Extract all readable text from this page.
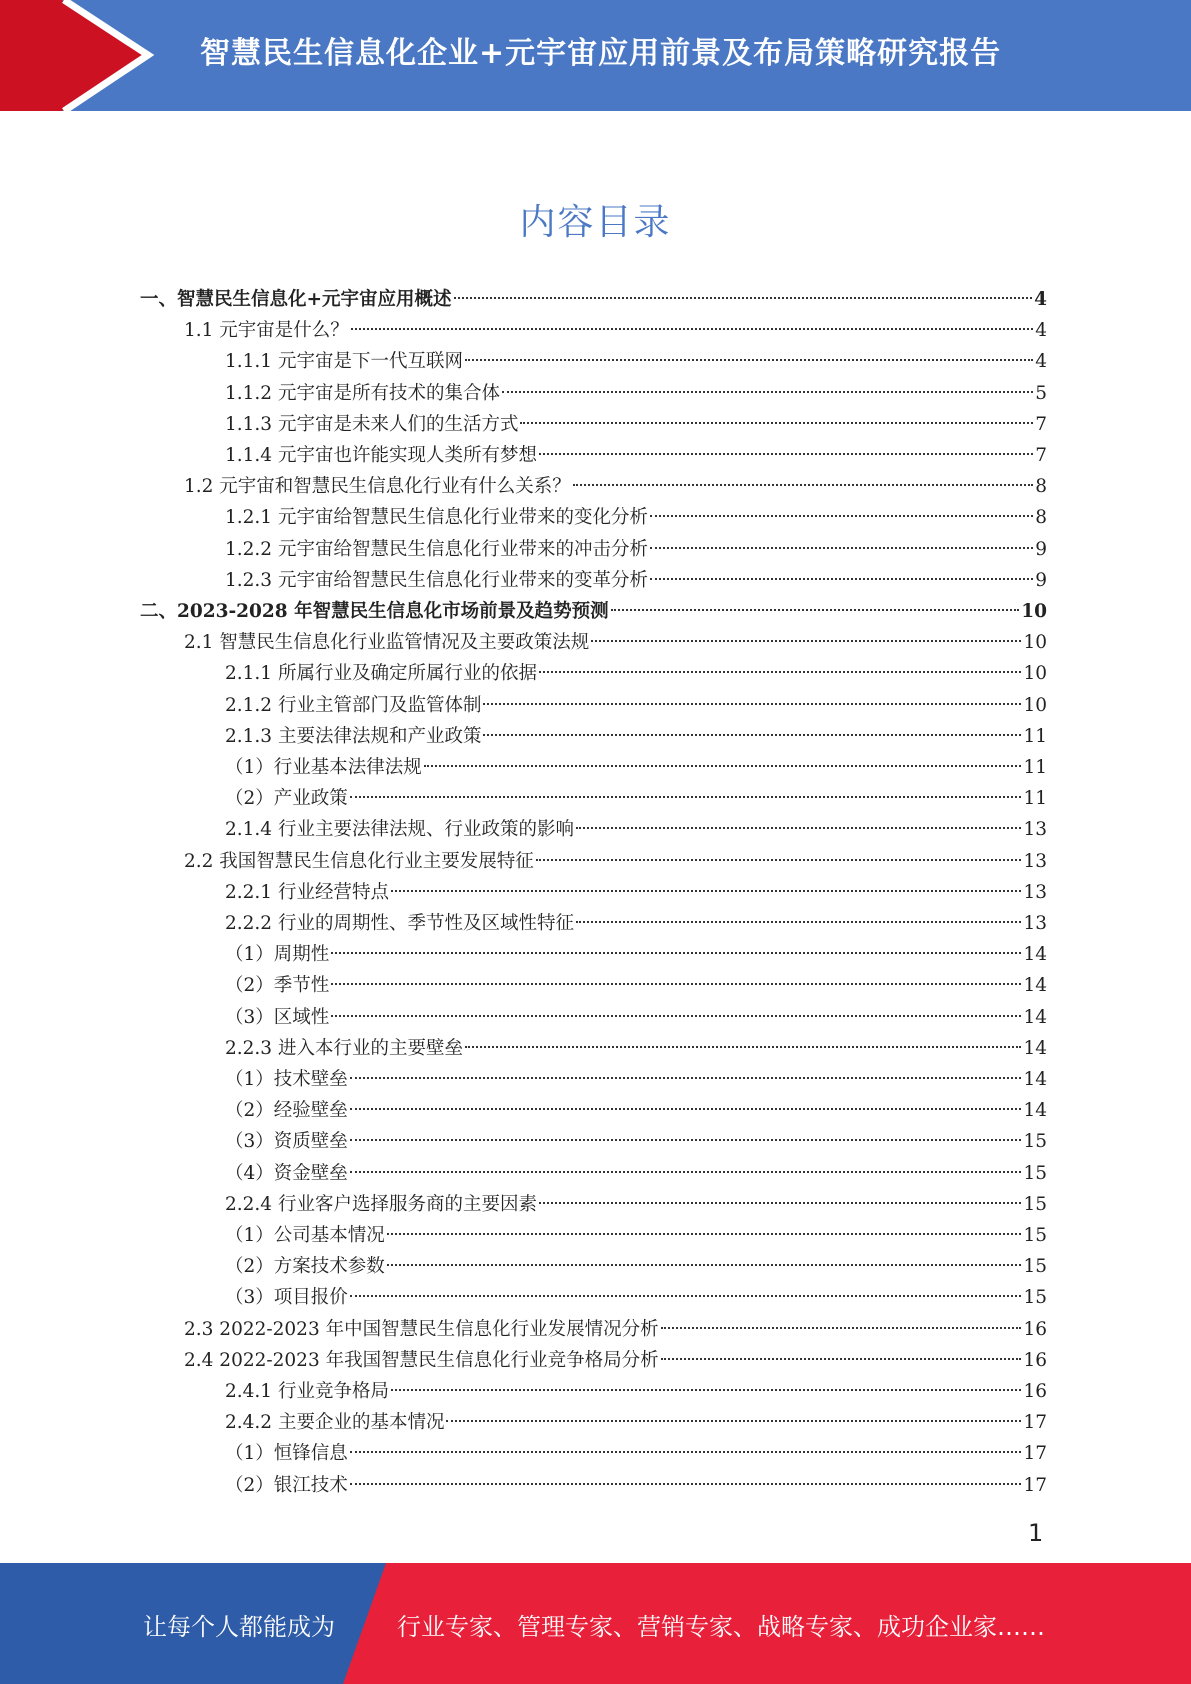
智慧民生信息化企业+元宇宙应用前景及布局策略研究报告
内容目录
一、智慧民生信息化+元宇宙应用概述	4
1.1 元宇宙是什么？	4
1.1.1 元宇宙是下一代互联网	4
1.1.2 元宇宙是所有技术的集合体	5
1.1.3 元宇宙是未来人们的生活方式	7
1.1.4 元宇宙也许能实现人类所有梦想	7
1.2 元宇宙和智慧民生信息化行业有什么关系？	8
1.2.1 元宇宙给智慧民生信息化行业带来的变化分析	8
1.2.2 元宇宙给智慧民生信息化行业带来的冲击分析	9
1.2.3 元宇宙给智慧民生信息化行业带来的变革分析	9
二、2023-2028 年智慧民生信息化市场前景及趋势预测	10
2.1 智慧民生信息化行业监管情况及主要政策法规	10
2.1.1 所属行业及确定所属行业的依据	10
2.1.2 行业主管部门及监管体制	10
2.1.3 主要法律法规和产业政策	11
（1）行业基本法律法规	11
（2）产业政策	11
2.1.4 行业主要法律法规、行业政策的影响	13
2.2 我国智慧民生信息化行业主要发展特征	13
2.2.1 行业经营特点	13
2.2.2 行业的周期性、季节性及区域性特征	13
（1）周期性	14
（2）季节性	14
（3）区域性	14
2.2.3 进入本行业的主要壁垒	14
（1）技术壁垒	14
（2）经验壁垒	14
（3）资质壁垒	15
（4）资金壁垒	15
2.2.4 行业客户选择服务商的主要因素	15
（1）公司基本情况	15
（2）方案技术参数	15
（3）项目报价	15
2.3 2022-2023 年中国智慧民生信息化行业发展情况分析	16
2.4 2022-2023 年我国智慧民生信息化行业竞争格局分析	16
2.4.1 行业竞争格局	16
2.4.2 主要企业的基本情况	17
（1）恒锋信息	17
（2）银江技术	17
1
让每个人都能成为	行业专家、管理专家、营销专家、战略专家、成功企业家……
